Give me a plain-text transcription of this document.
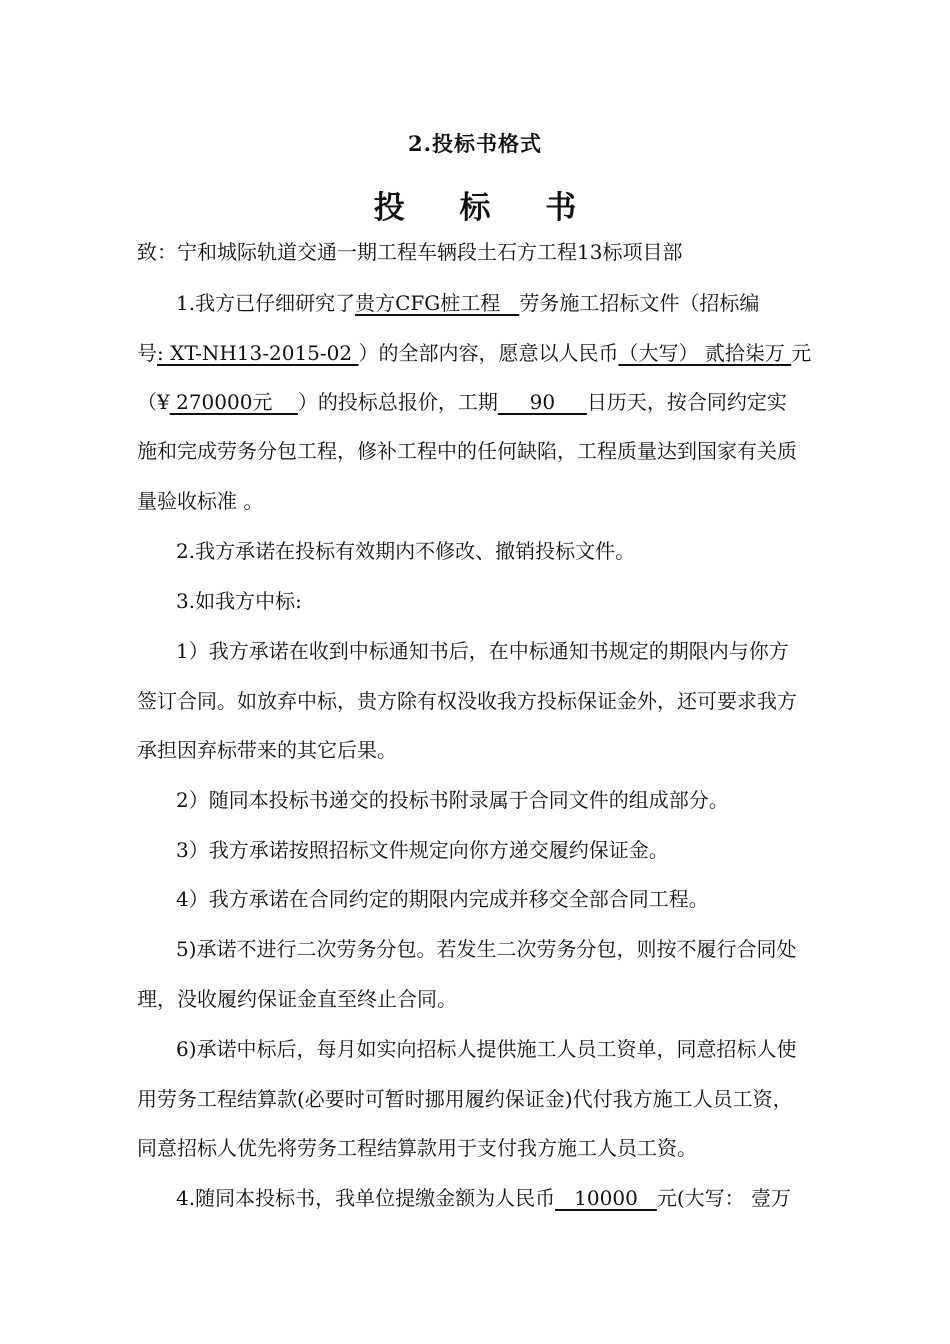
2.投标书格式
投 标 书
致：宁和城际轨道交通一期工程车辆段土石方工程13标项目部
1.我方已仔细研究了贵方CFG桩工程   劳务施工招标文件（招标编
号: XT-NH13-2015-02 ）的全部内容，愿意以人民币（大写） 贰拾柒万 元
（¥ 270000元    ）的投标总报价，工期     90     日历天，按合同约定实
施和完成劳务分包工程，修补工程中的任何缺陷，工程质量达到国家有关质
量验收标准 。
2.我方承诺在投标有效期内不修改、撤销投标文件。
3.如我方中标:
1）我方承诺在收到中标通知书后，在中标通知书规定的期限内与你方
签订合同。如放弃中标，贵方除有权没收我方投标保证金外，还可要求我方
承担因弃标带来的其它后果。
2）随同本投标书递交的投标书附录属于合同文件的组成部分。
3）我方承诺按照招标文件规定向你方递交履约保证金。
4）我方承诺在合同约定的期限内完成并移交全部合同工程。
5)承诺不进行二次劳务分包。若发生二次劳务分包，则按不履行合同处
理，没收履约保证金直至终止合同。
6)承诺中标后，每月如实向招标人提供施工人员工资单，同意招标人使
用劳务工程结算款(必要时可暂时挪用履约保证金)代付我方施工人员工资，
同意招标人优先将劳务工程结算款用于支付我方施工人员工资。
4.随同本投标书，我单位提缴金额为人民币   10000   元(大写： 壹万
